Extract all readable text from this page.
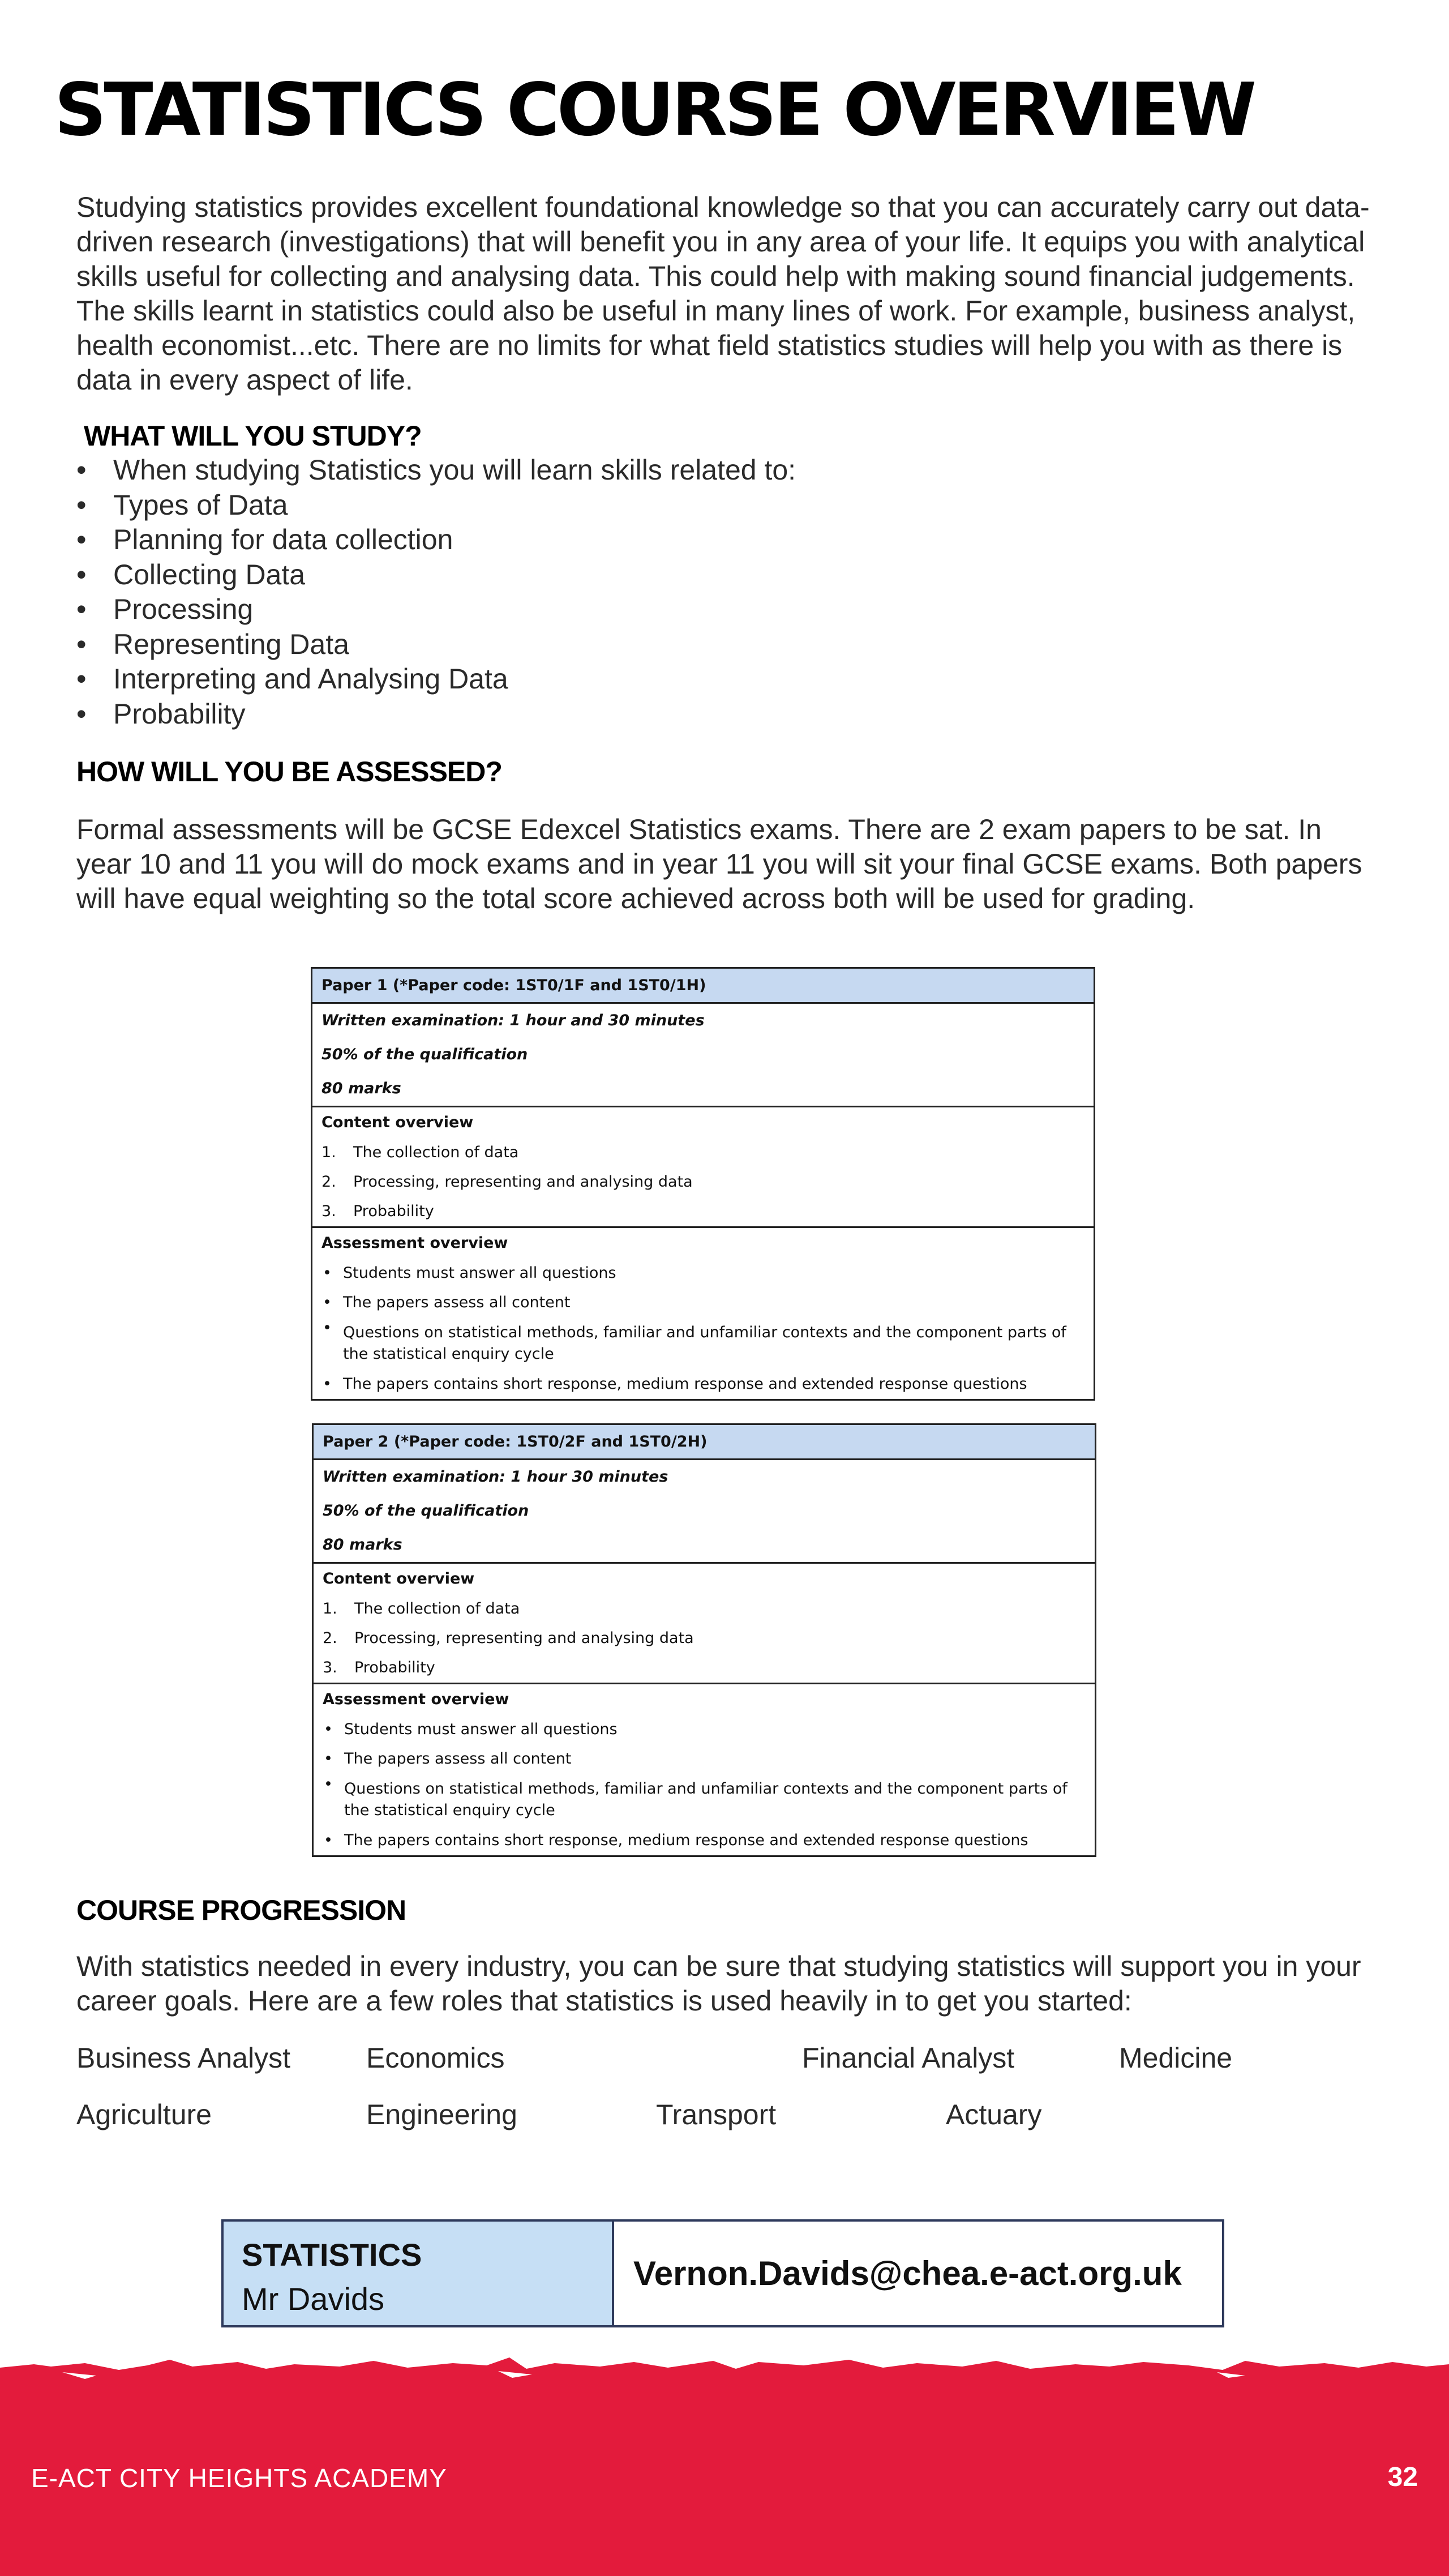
STATISTICS COURSE OVERVIEW

Studying statistics provides excellent foundational knowledge so that you can accurately carry out data-driven research (investigations) that will benefit you in any area of your life. It equips you with analytical skills useful for collecting and analysing data. This could help with making sound financial judgements. The skills learnt in statistics could also be useful in many lines of work. For example, business analyst, health economist...etc. There are no limits for what field statistics studies will help you with as there is data in every aspect of life.

WHAT WILL YOU STUDY?
• When studying Statistics you will learn skills related to:
• Types of Data
• Planning for data collection
• Collecting Data
• Processing
• Representing Data
• Interpreting and Analysing Data
• Probability
HOW WILL YOU BE ASSESSED?

Formal assessments will be GCSE Edexcel Statistics exams. There are 2 exam papers to be sat. In year 10 and 11 you will do mock exams and in year 11 you will sit your final GCSE exams. Both papers will have equal weighting so the total score achieved across both will be used for grading.

Paper 1 (*Paper code: 1ST0/1F and 1ST0/1H)
Written examination: 1 hour and 30 minutes
50% of the qualification
80 marks
Content overview
1. The collection of data
2. Processing, representing and analysing data
3. Probability
Assessment overview
• Students must answer all questions
• The papers assess all content
• Questions on statistical methods, familiar and unfamiliar contexts and the component parts of the statistical enquiry cycle
• The papers contains short response, medium response and extended response questions
Paper 2 (*Paper code: 1ST0/2F and 1ST0/2H)
Written examination: 1 hour 30 minutes
50% of the qualification
80 marks
Content overview
1. The collection of data
2. Processing, representing and analysing data
3. Probability
Assessment overview
• Students must answer all questions
• The papers assess all content
• Questions on statistical methods, familiar and unfamiliar contexts and the component parts of the statistical enquiry cycle
• The papers contains short response, medium response and extended response questions
COURSE PROGRESSION

With statistics needed in every industry, you can be sure that studying statistics will support you in your career goals. Here are a few roles that statistics is used heavily in to get you started:

Business Analyst	Economics	Financial Analyst	Medicine
Agriculture	Engineering	Transport	Actuary
STATISTICS
Mr Davids
Vernon.Davids@chea.e-act.org.uk
E-ACT CITY HEIGHTS ACADEMY	32
